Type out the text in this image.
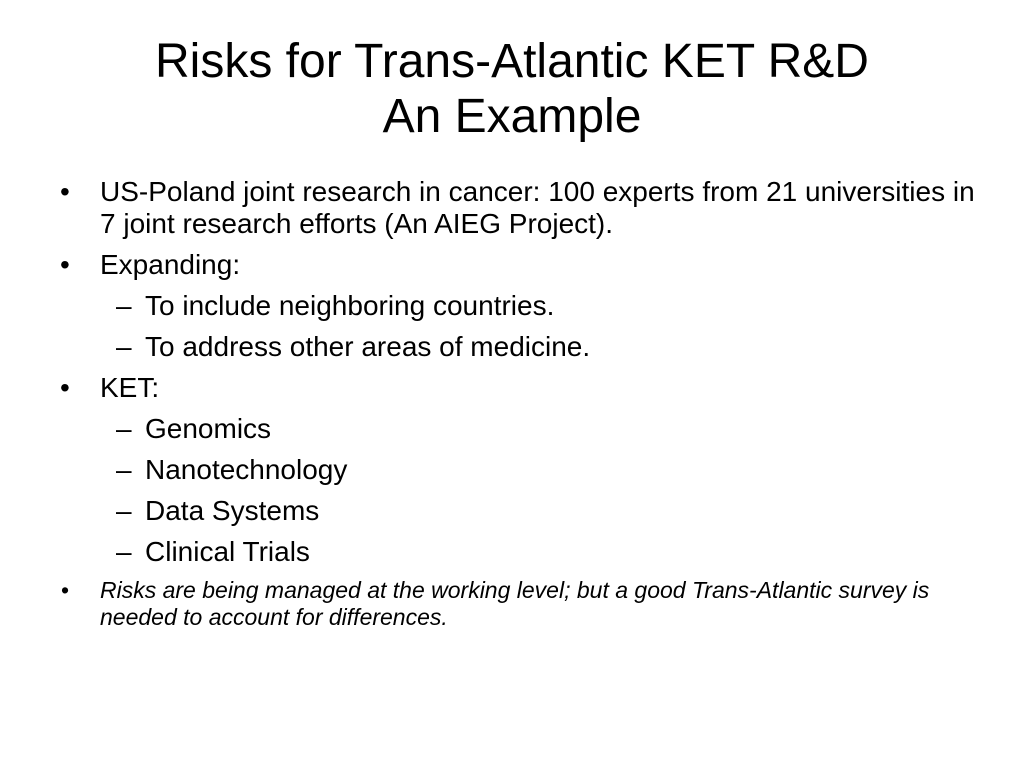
Risks for Trans-Atlantic KET R&D
An Example
• US-Poland joint research in cancer: 100 experts from 21 universities in 7 joint research efforts (An AIEG Project).
• Expanding:
– To include neighboring countries.
– To address other areas of medicine.
• KET:
– Genomics
– Nanotechnology
– Data Systems
– Clinical Trials
• Risks are being managed at the working level; but a good Trans-Atlantic survey is needed to account for differences.
